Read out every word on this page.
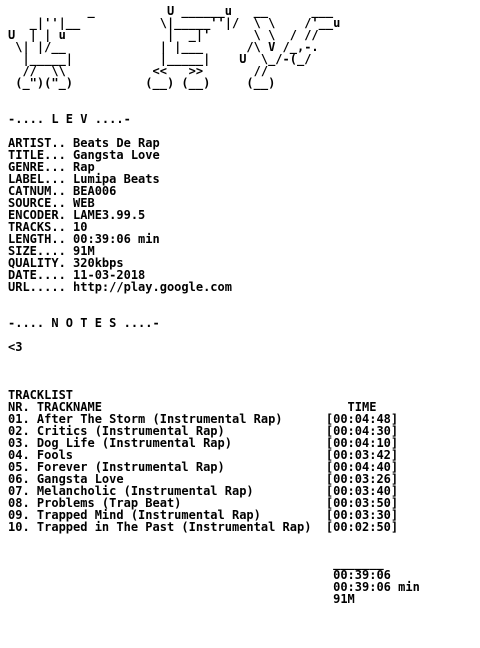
_          U ______u   __      ___
_|''|__           \|_____''|/  \ \    /'__u
U  | | u              |  _|'      \ \  / //
\| |/__             | |___      /\ V /_,-.
|_____|            |_____|    U  \_/-(_/
//  \\            <<   >>       //
(_")("_)          (__) (__)     (__)
-.... L E V ....-
ARTIST.. Beats De Rap
TITLE... Gangsta Love
GENRE... Rap
LABEL... Lumipa Beats
CATNUM.. BEA006
SOURCE.. WEB
ENCODER. LAME3.99.5
TRACKS.. 10
LENGTH.. 00:39:06 min
SIZE.... 91M
QUALITY. 320kbps
DATE.... 11-03-2018
URL..... http://play.google.com
-.... N O T E S ....-
<3
TRACKLIST
NR. TRACKNAME                                  TIME
01. After The Storm (Instrumental Rap)      [00:04:48]
02. Critics (Instrumental Rap)              [00:04:30]
03. Dog Life (Instrumental Rap)             [00:04:10]
04. Fools                                   [00:03:42]
05. Forever (Instrumental Rap)              [00:04:40]
06. Gangsta Love                            [00:03:26]
07. Melancholic (Instrumental Rap)          [00:03:40]
08. Problems (Trap Beat)                    [00:03:50]
09. Trapped Mind (Instrumental Rap)         [00:03:30]
10. Trapped in The Past (Instrumental Rap)  [00:02:50]
_______
00:39:06
00:39:06 min
91M
